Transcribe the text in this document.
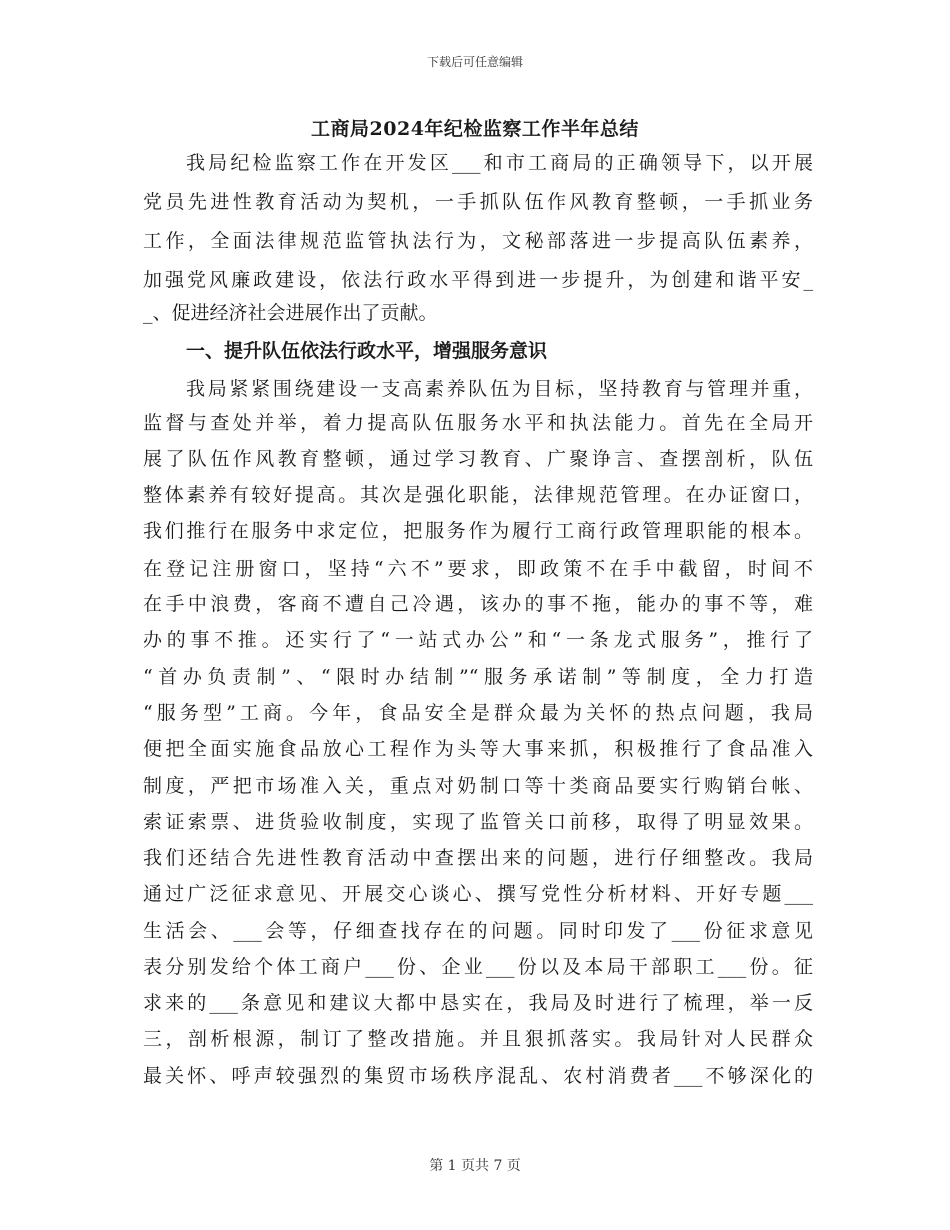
下载后可任意编辑
工商局2024年纪检监察工作半年总结
我局纪检监察工作在开发区___和市工商局的正确领导下，以开展
党员先进性教育活动为契机，一手抓队伍作风教育整顿，一手抓业务
工作，全面法律规范监管执法行为，文秘部落进一步提高队伍素养，
加强党风廉政建设，依法行政水平得到进一步提升，为创建和谐平安_
_、促进经济社会进展作出了贡献。
一、提升队伍依法行政水平，增强服务意识
我局紧紧围绕建设一支高素养队伍为目标，坚持教育与管理并重，
监督与查处并举，着力提高队伍服务水平和执法能力。首先在全局开
展了队伍作风教育整顿，通过学习教育、广聚诤言、查摆剖析，队伍
整体素养有较好提高。其次是强化职能，法律规范管理。在办证窗口，
我们推行在服务中求定位，把服务作为履行工商行政管理职能的根本。
在登记注册窗口，坚持“六不”要求，即政策不在手中截留，时间不
在手中浪费，客商不遭自己冷遇，该办的事不拖，能办的事不等，难
办的事不推。还实行了“一站式办公”和“一条龙式服务”，推行了
“首办负责制”、“限时办结制”“服务承诺制”等制度，全力打造
“服务型”工商。今年，食品安全是群众最为关怀的热点问题，我局
便把全面实施食品放心工程作为头等大事来抓，积极推行了食品准入
制度，严把市场准入关，重点对奶制口等十类商品要实行购销台帐、
索证索票、进货验收制度，实现了监管关口前移，取得了明显效果。
我们还结合先进性教育活动中查摆出来的问题，进行仔细整改。我局
通过广泛征求意见、开展交心谈心、撰写党性分析材料、开好专题___
生活会、___会等，仔细查找存在的问题。同时印发了___份征求意见
表分别发给个体工商户___份、企业___份以及本局干部职工___份。征
求来的___条意见和建议大都中恳实在，我局及时进行了梳理，举一反
三，剖析根源，制订了整改措施。并且狠抓落实。我局针对人民群众
最关怀、呼声较强烈的集贸市场秩序混乱、农村消费者___不够深化的
第 1 页共 7 页
